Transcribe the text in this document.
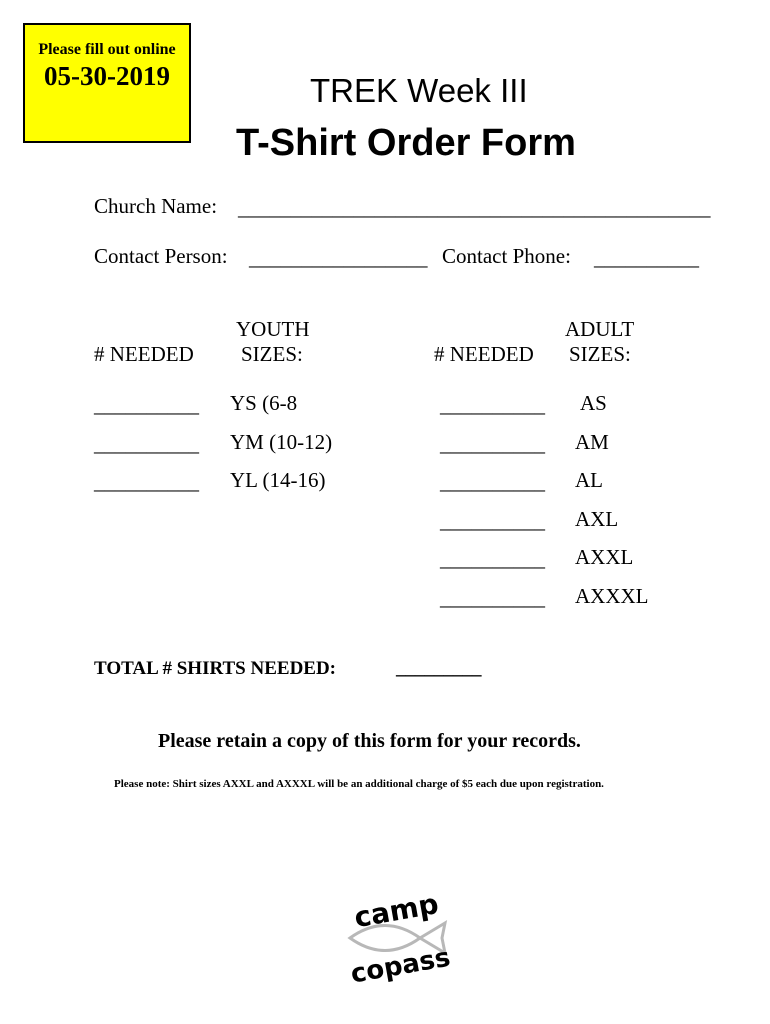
Please fill out online
05-30-2019	TREK Week III
T-Shirt Order Form
Church Name: _____________________________________________
Contact Person: _________________ Contact Phone: __________
YOUTH
# NEEDED SIZES:
ADULT
# NEEDED SIZES:
__________ YS (6-8
__________ YM (10-12)
__________ YL (14-16)
__________ AS
__________ AM
__________ AL
__________ AXL
__________ AXXL
__________ AXXXL
TOTAL # SHIRTS NEEDED:	_________
Please retain a copy of this form for your records.
Please note: Shirt sizes AXXL and AXXXL will be an additional charge of $5 each due upon registration.
camp
copass
